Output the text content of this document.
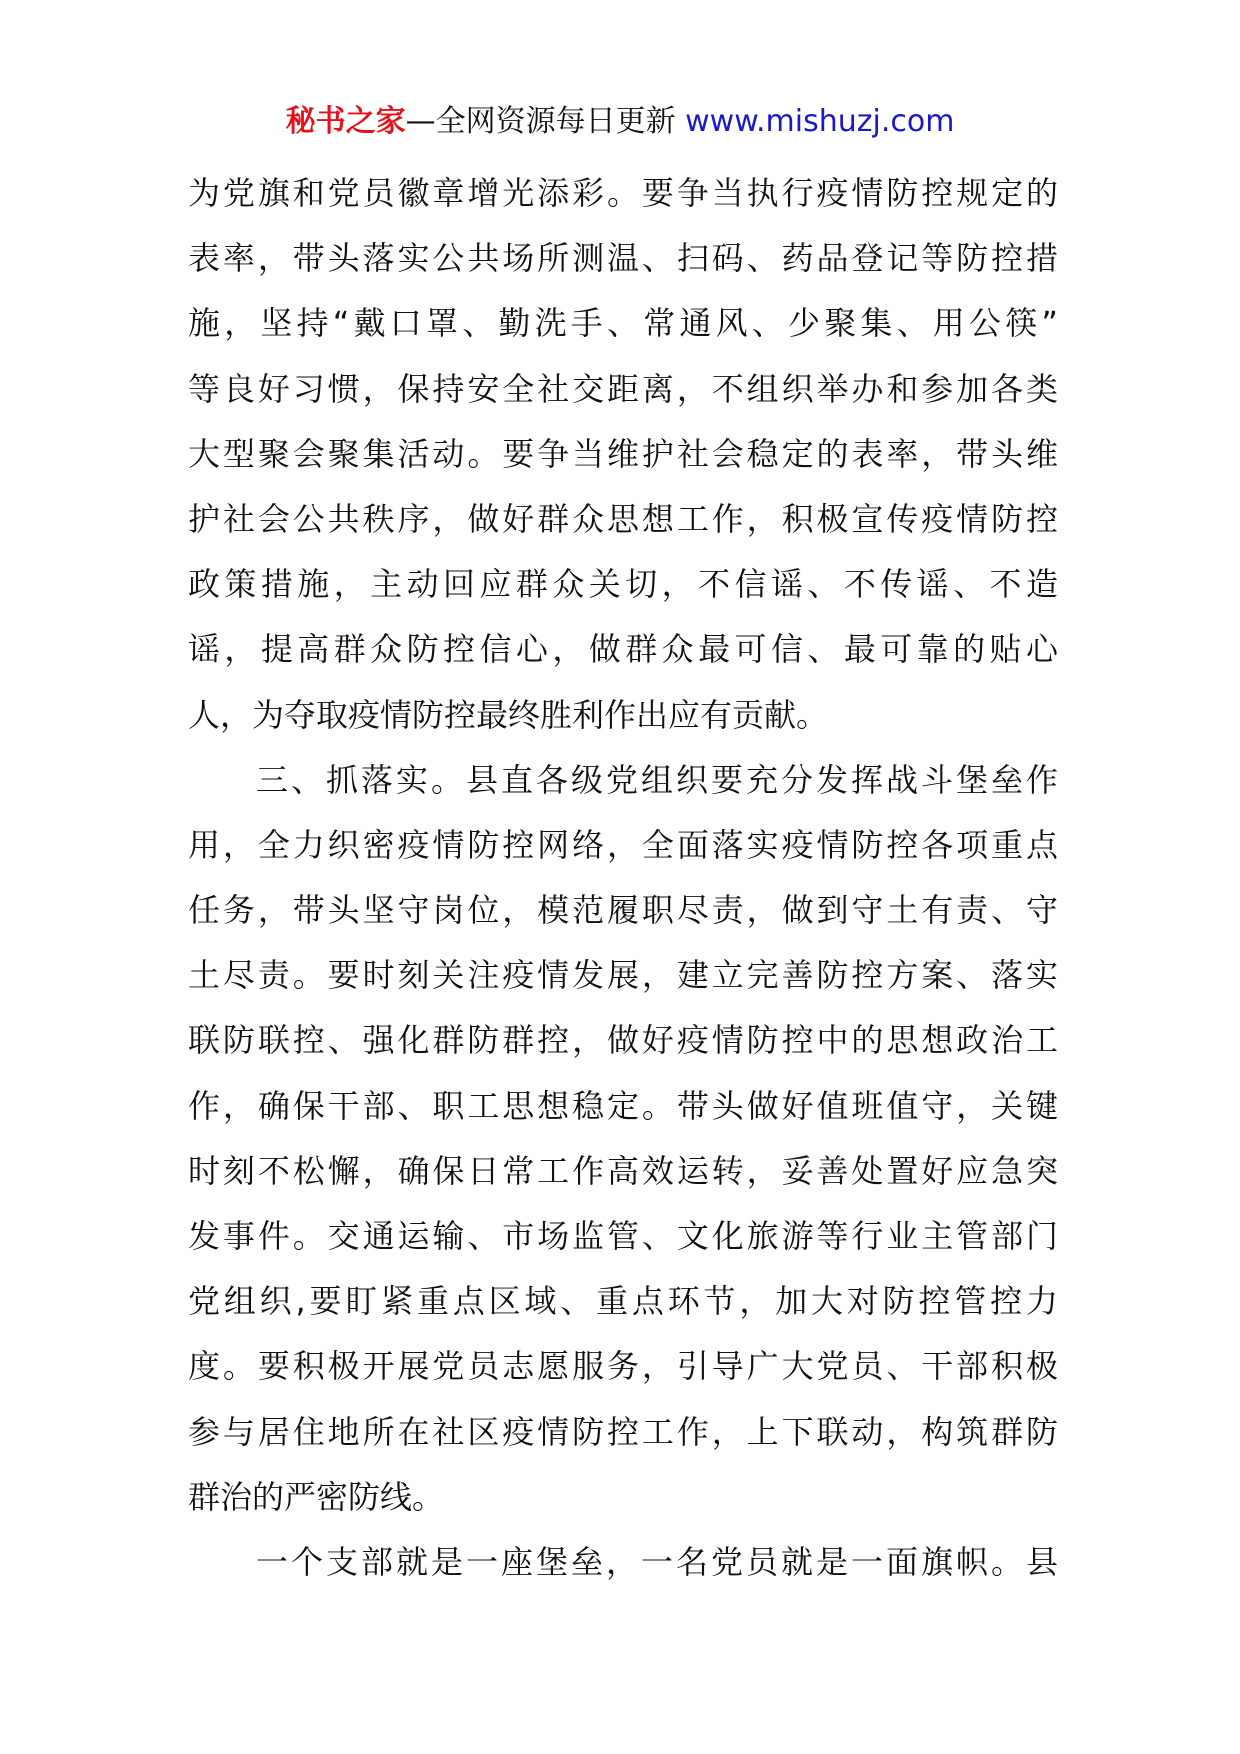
秘书之家—全网资源每日更新 www.mishuzj.com
为党旗和党员徽章增光添彩。要争当执行疫情防控规定的
表率，带头落实公共场所测温、扫码、药品登记等防控措
施，坚持“戴口罩、勤洗手、常通风、少聚集、用公筷”
等良好习惯，保持安全社交距离，不组织举办和参加各类
大型聚会聚集活动。要争当维护社会稳定的表率，带头维
护社会公共秩序，做好群众思想工作，积极宣传疫情防控
政策措施，主动回应群众关切，不信谣、不传谣、不造
谣，提高群众防控信心，做群众最可信、最可靠的贴心
人，为夺取疫情防控最终胜利作出应有贡献。
三、抓落实。县直各级党组织要充分发挥战斗堡垒作
用，全力织密疫情防控网络，全面落实疫情防控各项重点
任务，带头坚守岗位，模范履职尽责，做到守土有责、守
土尽责。要时刻关注疫情发展，建立完善防控方案、落实
联防联控、强化群防群控，做好疫情防控中的思想政治工
作，确保干部、职工思想稳定。带头做好值班值守，关键
时刻不松懈，确保日常工作高效运转，妥善处置好应急突
发事件。交通运输、市场监管、文化旅游等行业主管部门
党组织,要盯紧重点区域、重点环节，加大对防控管控力
度。要积极开展党员志愿服务，引导广大党员、干部积极
参与居住地所在社区疫情防控工作，上下联动，构筑群防
群治的严密防线。
一个支部就是一座堡垒，一名党员就是一面旗帜。县
